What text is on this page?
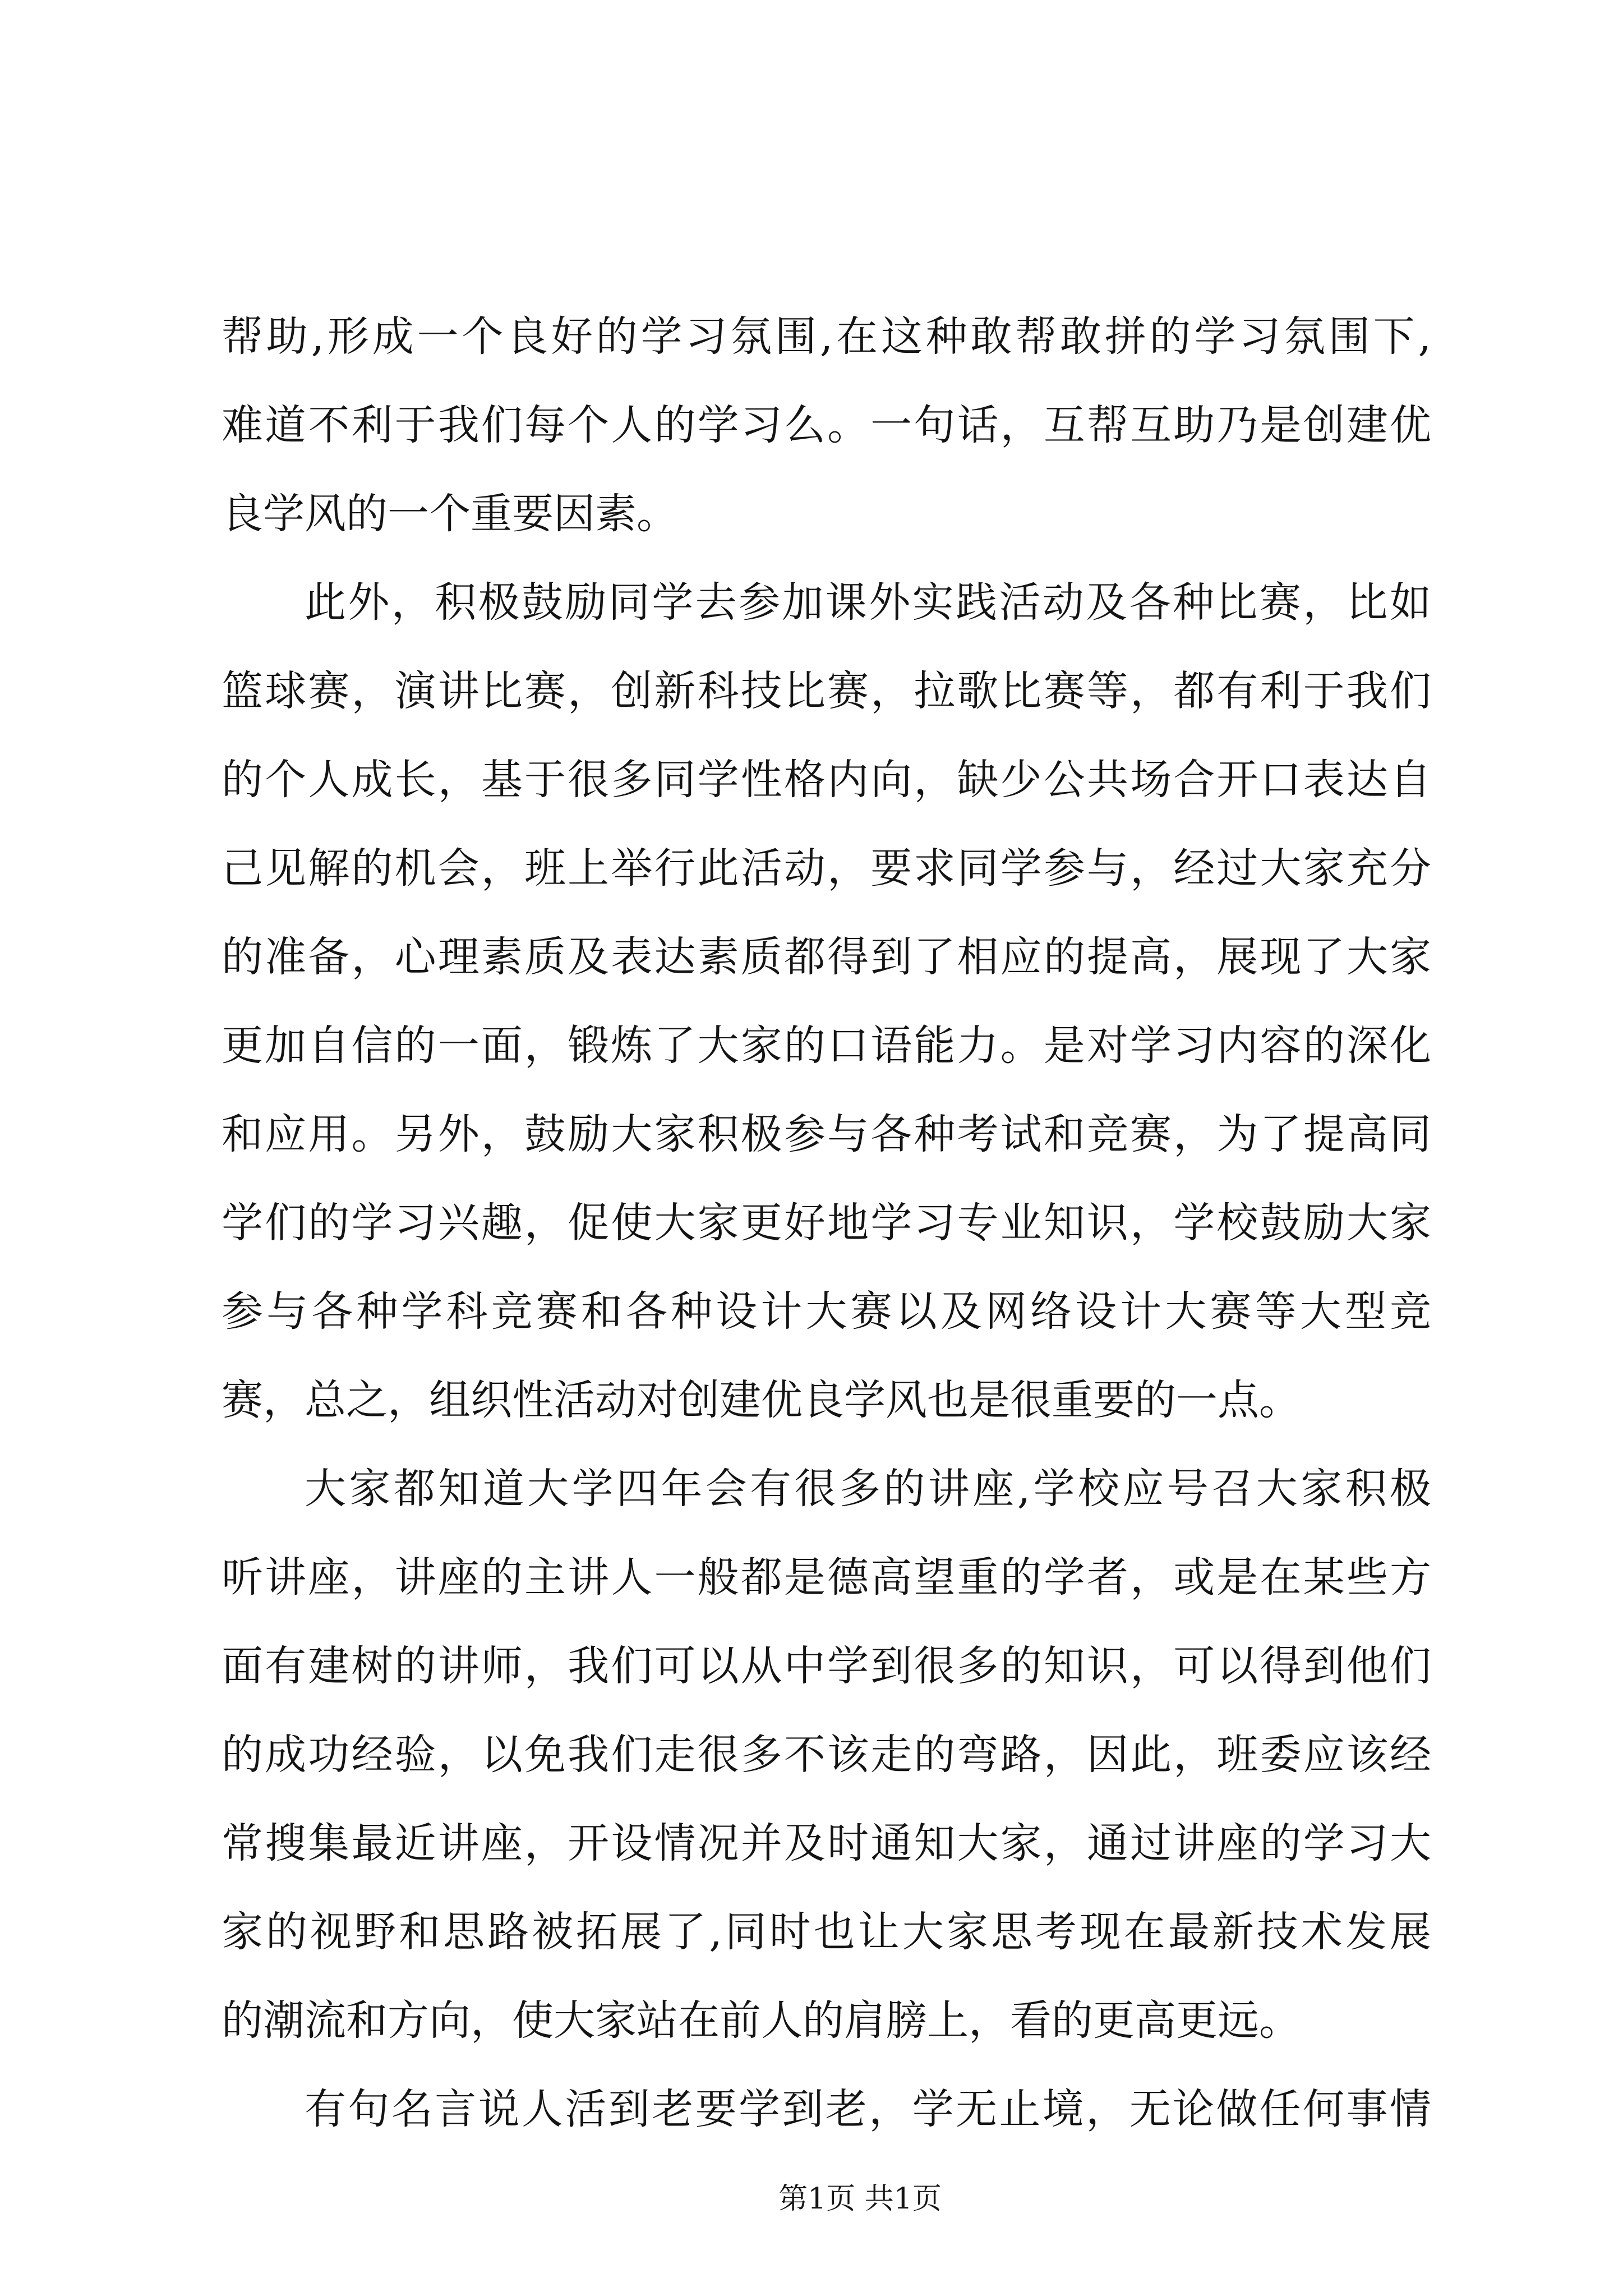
帮助,形成一个良好的学习氛围,在这种敢帮敢拼的学习氛围下,
难道不利于我们每个人的学习么。一句话，互帮互助乃是创建优
良学风的一个重要因素。
此外，积极鼓励同学去参加课外实践活动及各种比赛，比如
篮球赛，演讲比赛，创新科技比赛，拉歌比赛等，都有利于我们
的个人成长，基于很多同学性格内向，缺少公共场合开口表达自
己见解的机会，班上举行此活动，要求同学参与，经过大家充分
的准备，心理素质及表达素质都得到了相应的提高，展现了大家
更加自信的一面，锻炼了大家的口语能力。是对学习内容的深化
和应用。另外，鼓励大家积极参与各种考试和竞赛，为了提高同
学们的学习兴趣，促使大家更好地学习专业知识，学校鼓励大家
参与各种学科竞赛和各种设计大赛以及网络设计大赛等大型竞
赛，总之，组织性活动对创建优良学风也是很重要的一点。
大家都知道大学四年会有很多的讲座,学校应号召大家积极
听讲座，讲座的主讲人一般都是德高望重的学者，或是在某些方
面有建树的讲师，我们可以从中学到很多的知识，可以得到他们
的成功经验，以免我们走很多不该走的弯路，因此，班委应该经
常搜集最近讲座，开设情况并及时通知大家，通过讲座的学习大
家的视野和思路被拓展了,同时也让大家思考现在最新技术发展
的潮流和方向，使大家站在前人的肩膀上，看的更高更远。
有句名言说人活到老要学到老，学无止境，无论做任何事情
第1页 共1页
